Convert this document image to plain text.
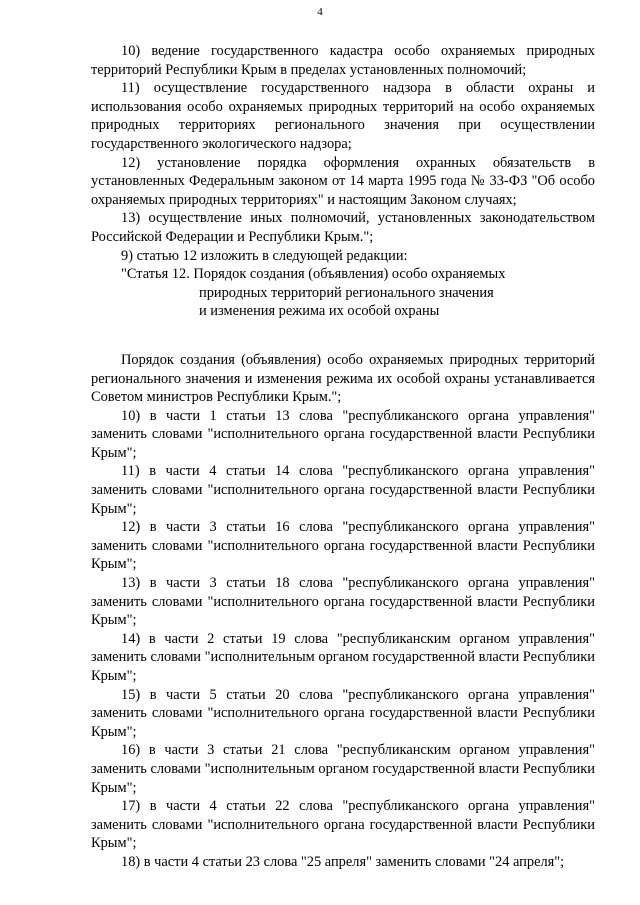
4

10) ведение государственного кадастра особо охраняемых природных территорий Республики Крым в пределах установленных полномочий;

11) осуществление государственного надзора в области охраны и использования особо охраняемых природных территорий на особо охраняемых природных территориях регионального значения при осуществлении государственного экологического надзора;

12) установление порядка оформления охранных обязательств в установленных Федеральным законом от 14 марта 1995 года № 33-ФЗ "Об особо охраняемых природных территориях" и настоящим Законом случаях;

13) осуществление иных полномочий, установленных законодательством Российской Федерации и Республики Крым.";

9) статью 12 изложить в следующей редакции:

"Статья 12. Порядок создания (объявления) особо охраняемых
природных территорий регионального значения
и изменения режима их особой охраны

Порядок создания (объявления) особо охраняемых природных территорий регионального значения и изменения режима их особой охраны устанавливается Советом министров Республики Крым.";

10) в части 1 статьи 13 слова "республиканского органа управления" заменить словами "исполнительного органа государственной власти Республики Крым";

11) в части 4 статьи 14 слова "республиканского органа управления" заменить словами "исполнительного органа государственной власти Республики Крым";

12) в части 3 статьи 16 слова "республиканского органа управления" заменить словами "исполнительного органа государственной власти Республики Крым";

13) в части 3 статьи 18 слова "республиканского органа управления" заменить словами "исполнительного органа государственной власти Республики Крым";

14) в части 2 статьи 19 слова "республиканским органом управления" заменить словами "исполнительным органом государственной власти Республики Крым";

15) в части 5 статьи 20 слова "республиканского органа управления" заменить словами "исполнительного органа государственной власти Республики Крым";

16) в части 3 статьи 21 слова "республиканским органом управления" заменить словами "исполнительным органом государственной власти Республики Крым";

17) в части 4 статьи 22 слова "республиканского органа управления" заменить словами "исполнительного органа государственной власти Республики Крым";

18) в части 4 статьи 23 слова "25 апреля" заменить словами "24 апреля";
